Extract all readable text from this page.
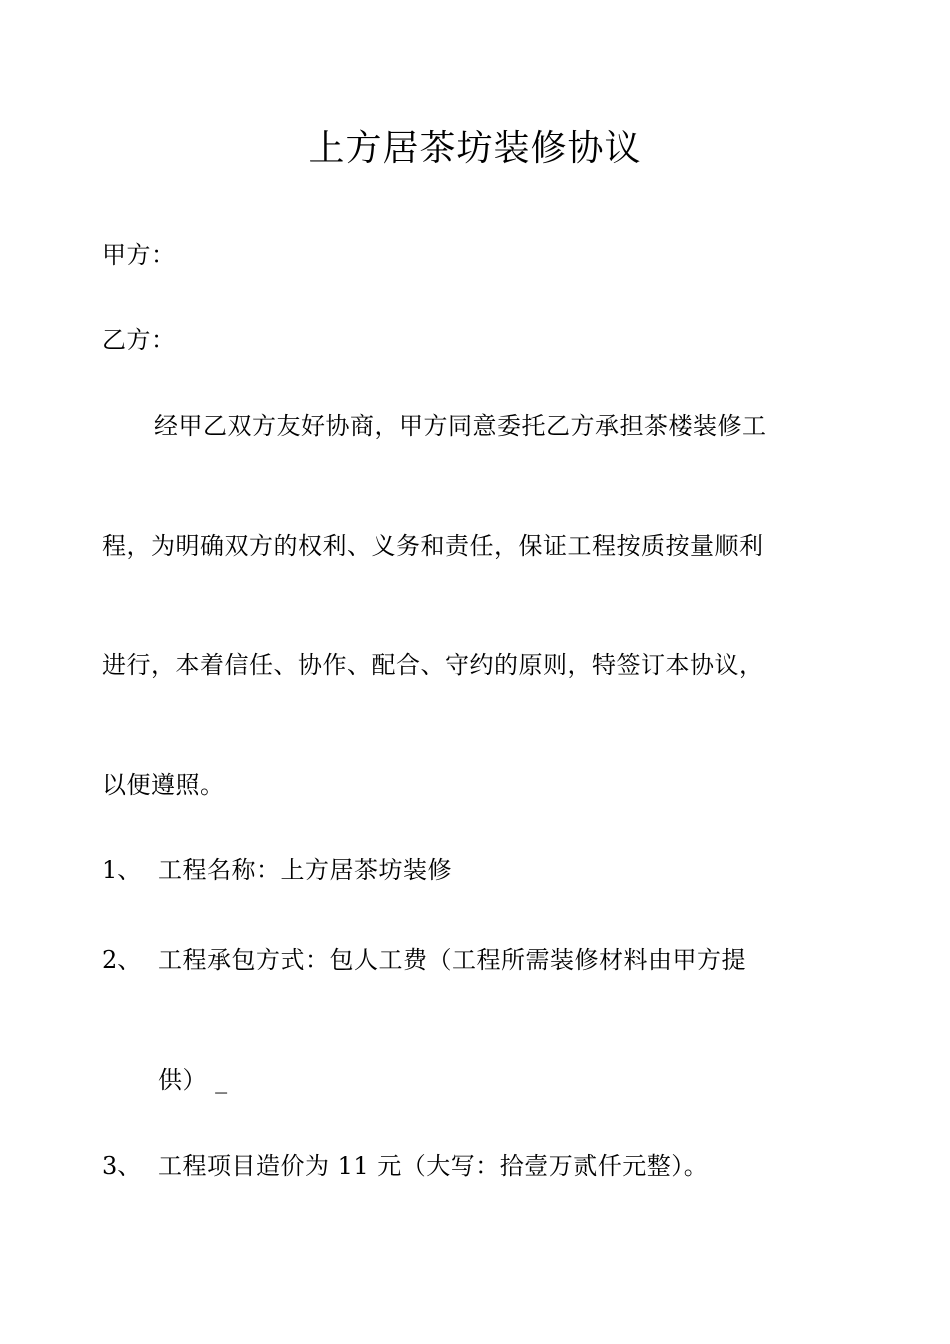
上方居茶坊装修协议
甲方：
乙方：
经甲乙双方友好协商，甲方同意委托乙方承担茶楼装修工
程，为明确双方的权利、义务和责任，保证工程按质按量顺利
进行，本着信任、协作、配合、守约的原则，特签订本协议，
以便遵照。
1、 工程名称：上方居茶坊装修
2、 工程承包方式：包人工费（工程所需装修材料由甲方提
供） _
3、 工程项目造价为 11 元（大写：拾壹万贰仟元整）。
